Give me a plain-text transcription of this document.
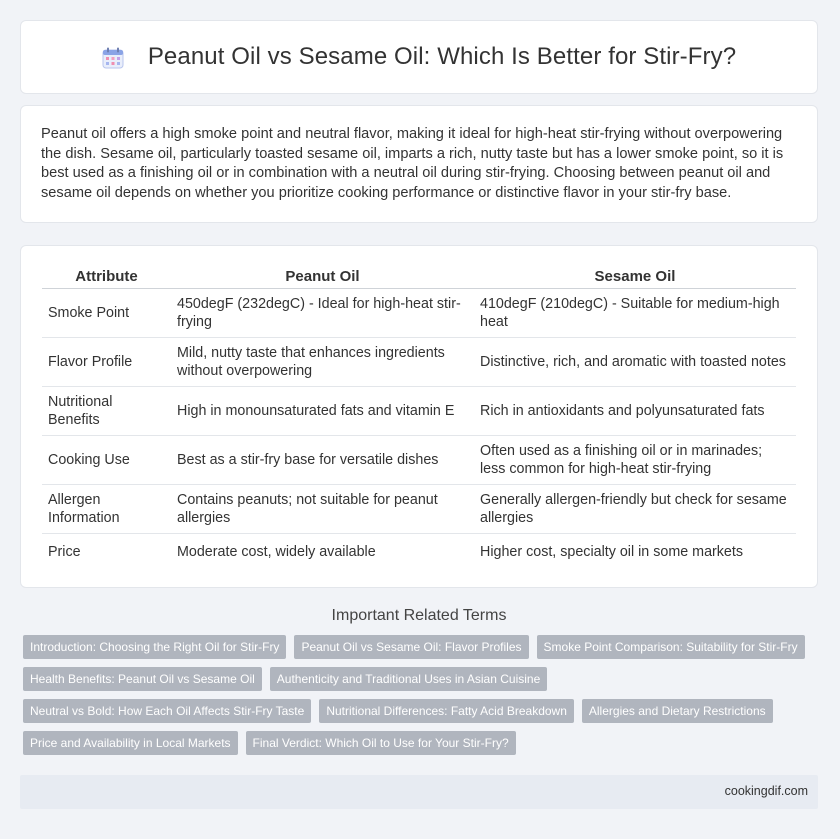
Peanut Oil vs Sesame Oil: Which Is Better for Stir-Fry?

Peanut oil offers a high smoke point and neutral flavor, making it ideal for high-heat stir-frying without overpowering the dish. Sesame oil, particularly toasted sesame oil, imparts a rich, nutty taste but has a lower smoke point, so it is best used as a finishing oil or in combination with a neutral oil during stir-frying. Choosing between peanut oil and sesame oil depends on whether you prioritize cooking performance or distinctive flavor in your stir-fry base.

Attribute	Peanut Oil	Sesame Oil
Smoke Point	450degF (232degC) - Ideal for high-heat stir-frying	410degF (210degC) - Suitable for medium-high heat
Flavor Profile	Mild, nutty taste that enhances ingredients without overpowering	Distinctive, rich, and aromatic with toasted notes
Nutritional Benefits	High in monounsaturated fats and vitamin E	Rich in antioxidants and polyunsaturated fats
Cooking Use	Best as a stir-fry base for versatile dishes	Often used as a finishing oil or in marinades; less common for high-heat stir-frying
Allergen Information	Contains peanuts; not suitable for peanut allergies	Generally allergen-friendly but check for sesame allergies
Price	Moderate cost, widely available	Higher cost, specialty oil in some markets
Important Related Terms
Introduction: Choosing the Right Oil for Stir-Fry	Peanut Oil vs Sesame Oil: Flavor Profiles	Smoke Point Comparison: Suitability for Stir-Fry
Health Benefits: Peanut Oil vs Sesame Oil	Authenticity and Traditional Uses in Asian Cuisine
Neutral vs Bold: How Each Oil Affects Stir-Fry Taste	Nutritional Differences: Fatty Acid Breakdown	Allergies and Dietary Restrictions
Price and Availability in Local Markets	Final Verdict: Which Oil to Use for Your Stir-Fry?
cookingdif.com
